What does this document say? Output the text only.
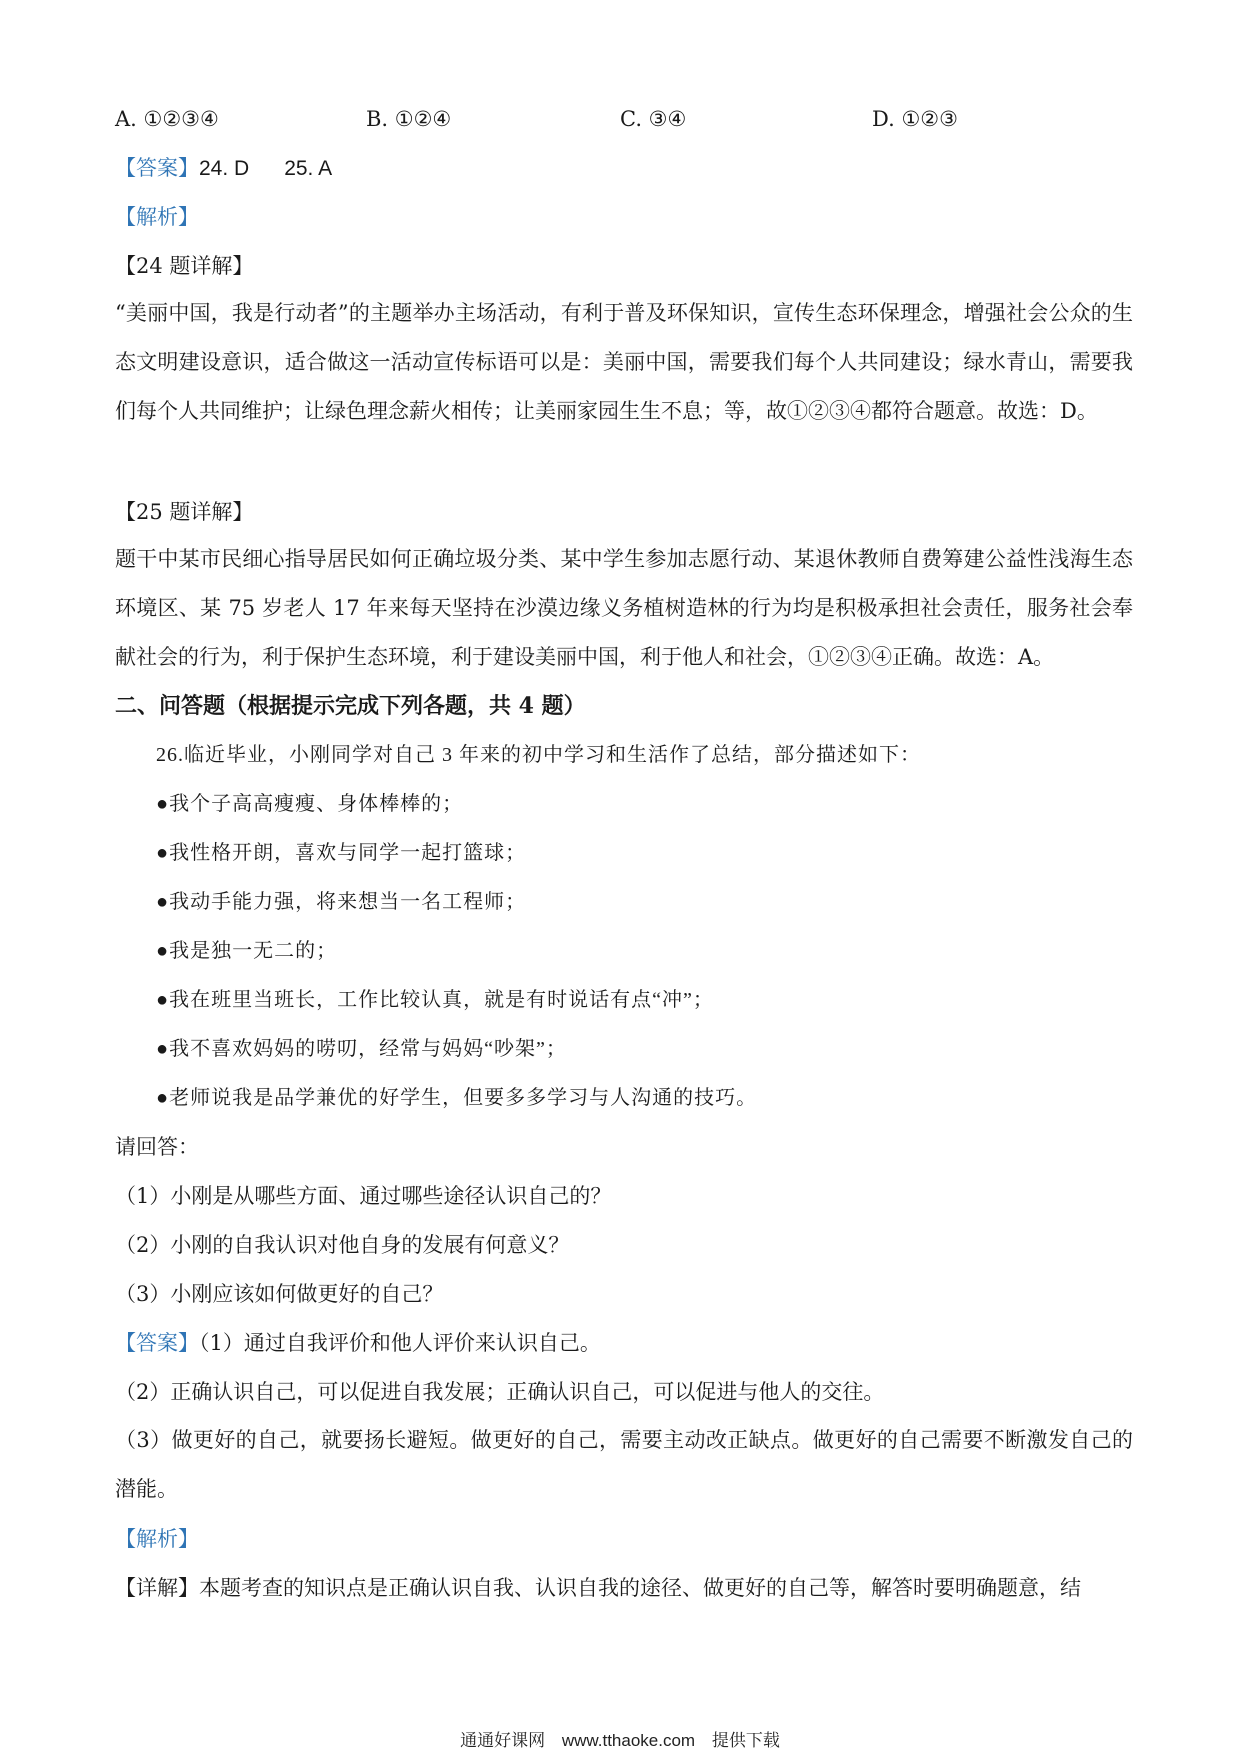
A. ①②③④	B. ①②④	C. ③④	D. ①②③
【答案】24. D      25. A
【解析】
【24 题详解】
“美丽中国，我是行动者”的主题举办主场活动，有利于普及环保知识，宣传生态环保理念，增强社会公众的生态文明建设意识，适合做这一活动宣传标语可以是：美丽中国，需要我们每个人共同建设；绿水青山，需要我们每个人共同维护；让绿色理念薪火相传；让美丽家园生生不息；等，故①②③④都符合题意。故选：D。
【25 题详解】
题干中某市民细心指导居民如何正确垃圾分类、某中学生参加志愿行动、某退休教师自费筹建公益性浅海生态环境区、某 75 岁老人 17 年来每天坚持在沙漠边缘义务植树造林的行为均是积极承担社会责任，服务社会奉献社会的行为，利于保护生态环境，利于建设美丽中国，利于他人和社会，①②③④正确。故选：A。
二、问答题（根据提示完成下列各题，共 4 题）
26.临近毕业，小刚同学对自己 3 年来的初中学习和生活作了总结，部分描述如下：
●我个子高高瘦瘦、身体棒棒的；
●我性格开朗，喜欢与同学一起打篮球；
●我动手能力强，将来想当一名工程师；
●我是独一无二的；
●我在班里当班长，工作比较认真，就是有时说话有点“冲”；
●我不喜欢妈妈的唠叨，经常与妈妈“吵架”；
●老师说我是品学兼优的好学生，但要多多学习与人沟通的技巧。
请回答：
（1）小刚是从哪些方面、通过哪些途径认识自己的？
（2）小刚的自我认识对他自身的发展有何意义？
（3）小刚应该如何做更好的自己？
【答案】（1）通过自我评价和他人评价来认识自己。
（2）正确认识自己，可以促进自我发展；正确认识自己，可以促进与他人的交往。
（3）做更好的自己，就要扬长避短。做更好的自己，需要主动改正缺点。做更好的自己需要不断激发自己的潜能。
【解析】
【详解】本题考查的知识点是正确认识自我、认识自我的途径、做更好的自己等，解答时要明确题意，结
通通好课网 www.tthaoke.com 提供下载
